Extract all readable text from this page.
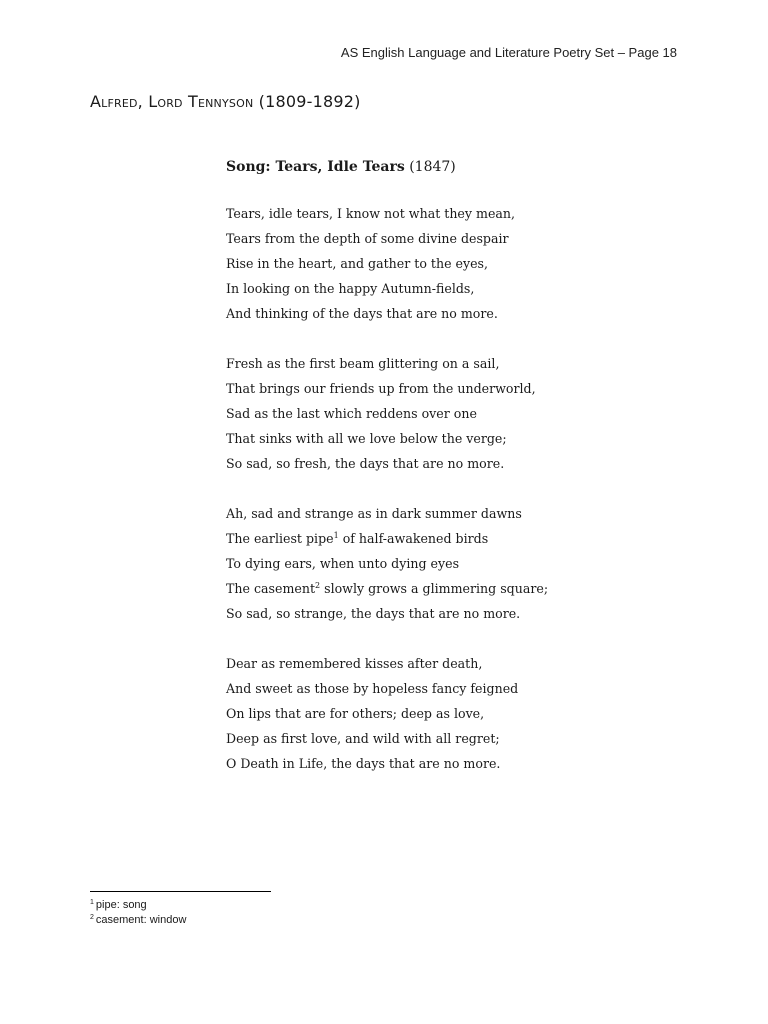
AS English Language and Literature Poetry Set – Page 18
Alfred, Lord Tennyson (1809-1892)
Song: Tears, Idle Tears (1847)
Tears, idle tears, I know not what they mean,
Tears from the depth of some divine despair
Rise in the heart, and gather to the eyes,
In looking on the happy Autumn-fields,
And thinking of the days that are no more.
Fresh as the first beam glittering on a sail,
That brings our friends up from the underworld,
Sad as the last which reddens over one
That sinks with all we love below the verge;
So sad, so fresh, the days that are no more.
Ah, sad and strange as in dark summer dawns
The earliest pipe$^1$ of half-awakened birds
To dying ears, when unto dying eyes
The casement$^2$ slowly grows a glimmering square;
So sad, so strange, the days that are no more.
Dear as remembered kisses after death,
And sweet as those by hopeless fancy feigned
On lips that are for others; deep as love,
Deep as first love, and wild with all regret;
O Death in Life, the days that are no more.
$^1$ pipe: song
$^2$ casement: window
